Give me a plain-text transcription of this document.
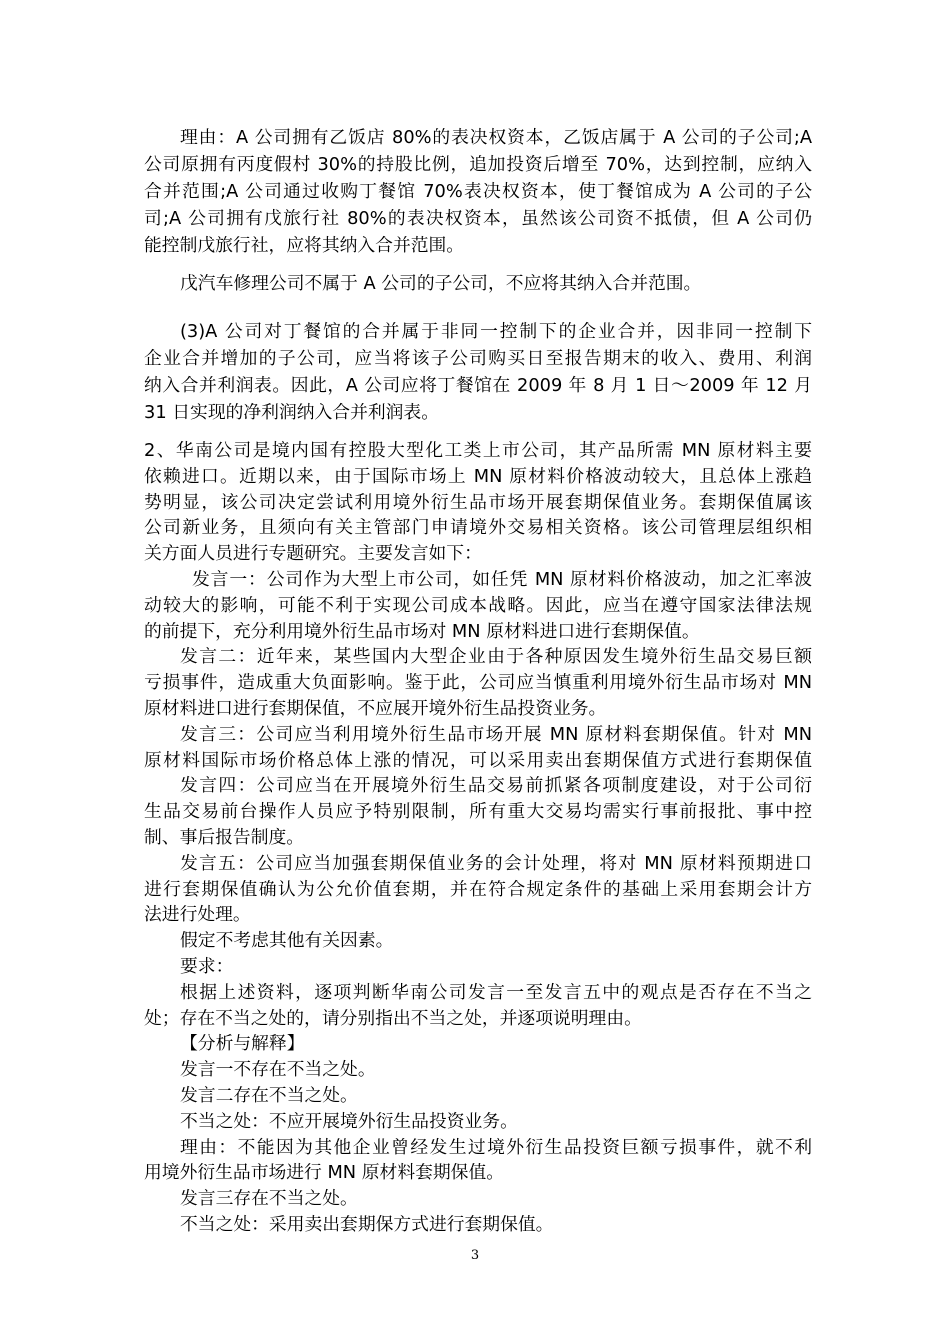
理由：A 公司拥有乙饭店 80%的表决权资本，乙饭店属于 A 公司的子公司;A
公司原拥有丙度假村 30%的持股比例，追加投资后增至 70%，达到控制，应纳入
合并范围;A 公司通过收购丁餐馆 70%表决权资本，使丁餐馆成为 A 公司的子公
司;A 公司拥有戊旅行社 80%的表决权资本，虽然该公司资不抵债，但 A 公司仍
能控制戊旅行社，应将其纳入合并范围。
戊汽车修理公司不属于 A 公司的子公司，不应将其纳入合并范围。
(3)A 公司对丁餐馆的合并属于非同一控制下的企业合并，因非同一控制下
企业合并增加的子公司，应当将该子公司购买日至报告期末的收入、费用、利润
纳入合并利润表。因此，A 公司应将丁餐馆在 2009 年 8 月 1 日～2009 年 12 月
31 日实现的净利润纳入合并利润表。
2、华南公司是境内国有控股大型化工类上市公司，其产品所需 MN 原材料主要
依赖进口。近期以来，由于国际市场上 MN 原材料价格波动较大，且总体上涨趋
势明显，该公司决定尝试利用境外衍生品市场开展套期保值业务。套期保值属该
公司新业务，且须向有关主管部门申请境外交易相关资格。该公司管理层组织相
关方面人员进行专题研究。主要发言如下：
发言一：公司作为大型上市公司，如任凭 MN 原材料价格波动，加之汇率波
动较大的影响，可能不利于实现公司成本战略。因此，应当在遵守国家法律法规
的前提下，充分利用境外衍生品市场对 MN 原材料进口进行套期保值。
发言二：近年来，某些国内大型企业由于各种原因发生境外衍生品交易巨额
亏损事件，造成重大负面影响。鉴于此，公司应当慎重利用境外衍生品市场对 MN
原材料进口进行套期保值，不应展开境外衍生品投资业务。
发言三：公司应当利用境外衍生品市场开展 MN 原材料套期保值。针对 MN
原材料国际市场价格总体上涨的情况，可以采用卖出套期保值方式进行套期保值
发言四：公司应当在开展境外衍生品交易前抓紧各项制度建设，对于公司衍
生品交易前台操作人员应予特别限制，所有重大交易均需实行事前报批、事中控
制、事后报告制度。
发言五：公司应当加强套期保值业务的会计处理，将对 MN 原材料预期进口
进行套期保值确认为公允价值套期，并在符合规定条件的基础上采用套期会计方
法进行处理。
假定不考虑其他有关因素。
要求：
根据上述资料，逐项判断华南公司发言一至发言五中的观点是否存在不当之
处；存在不当之处的，请分别指出不当之处，并逐项说明理由。
【分析与解释】
发言一不存在不当之处。
发言二存在不当之处。
不当之处：不应开展境外衍生品投资业务。
理由：不能因为其他企业曾经发生过境外衍生品投资巨额亏损事件，就不利
用境外衍生品市场进行 MN 原材料套期保值。
发言三存在不当之处。
不当之处：采用卖出套期保方式进行套期保值。
3
